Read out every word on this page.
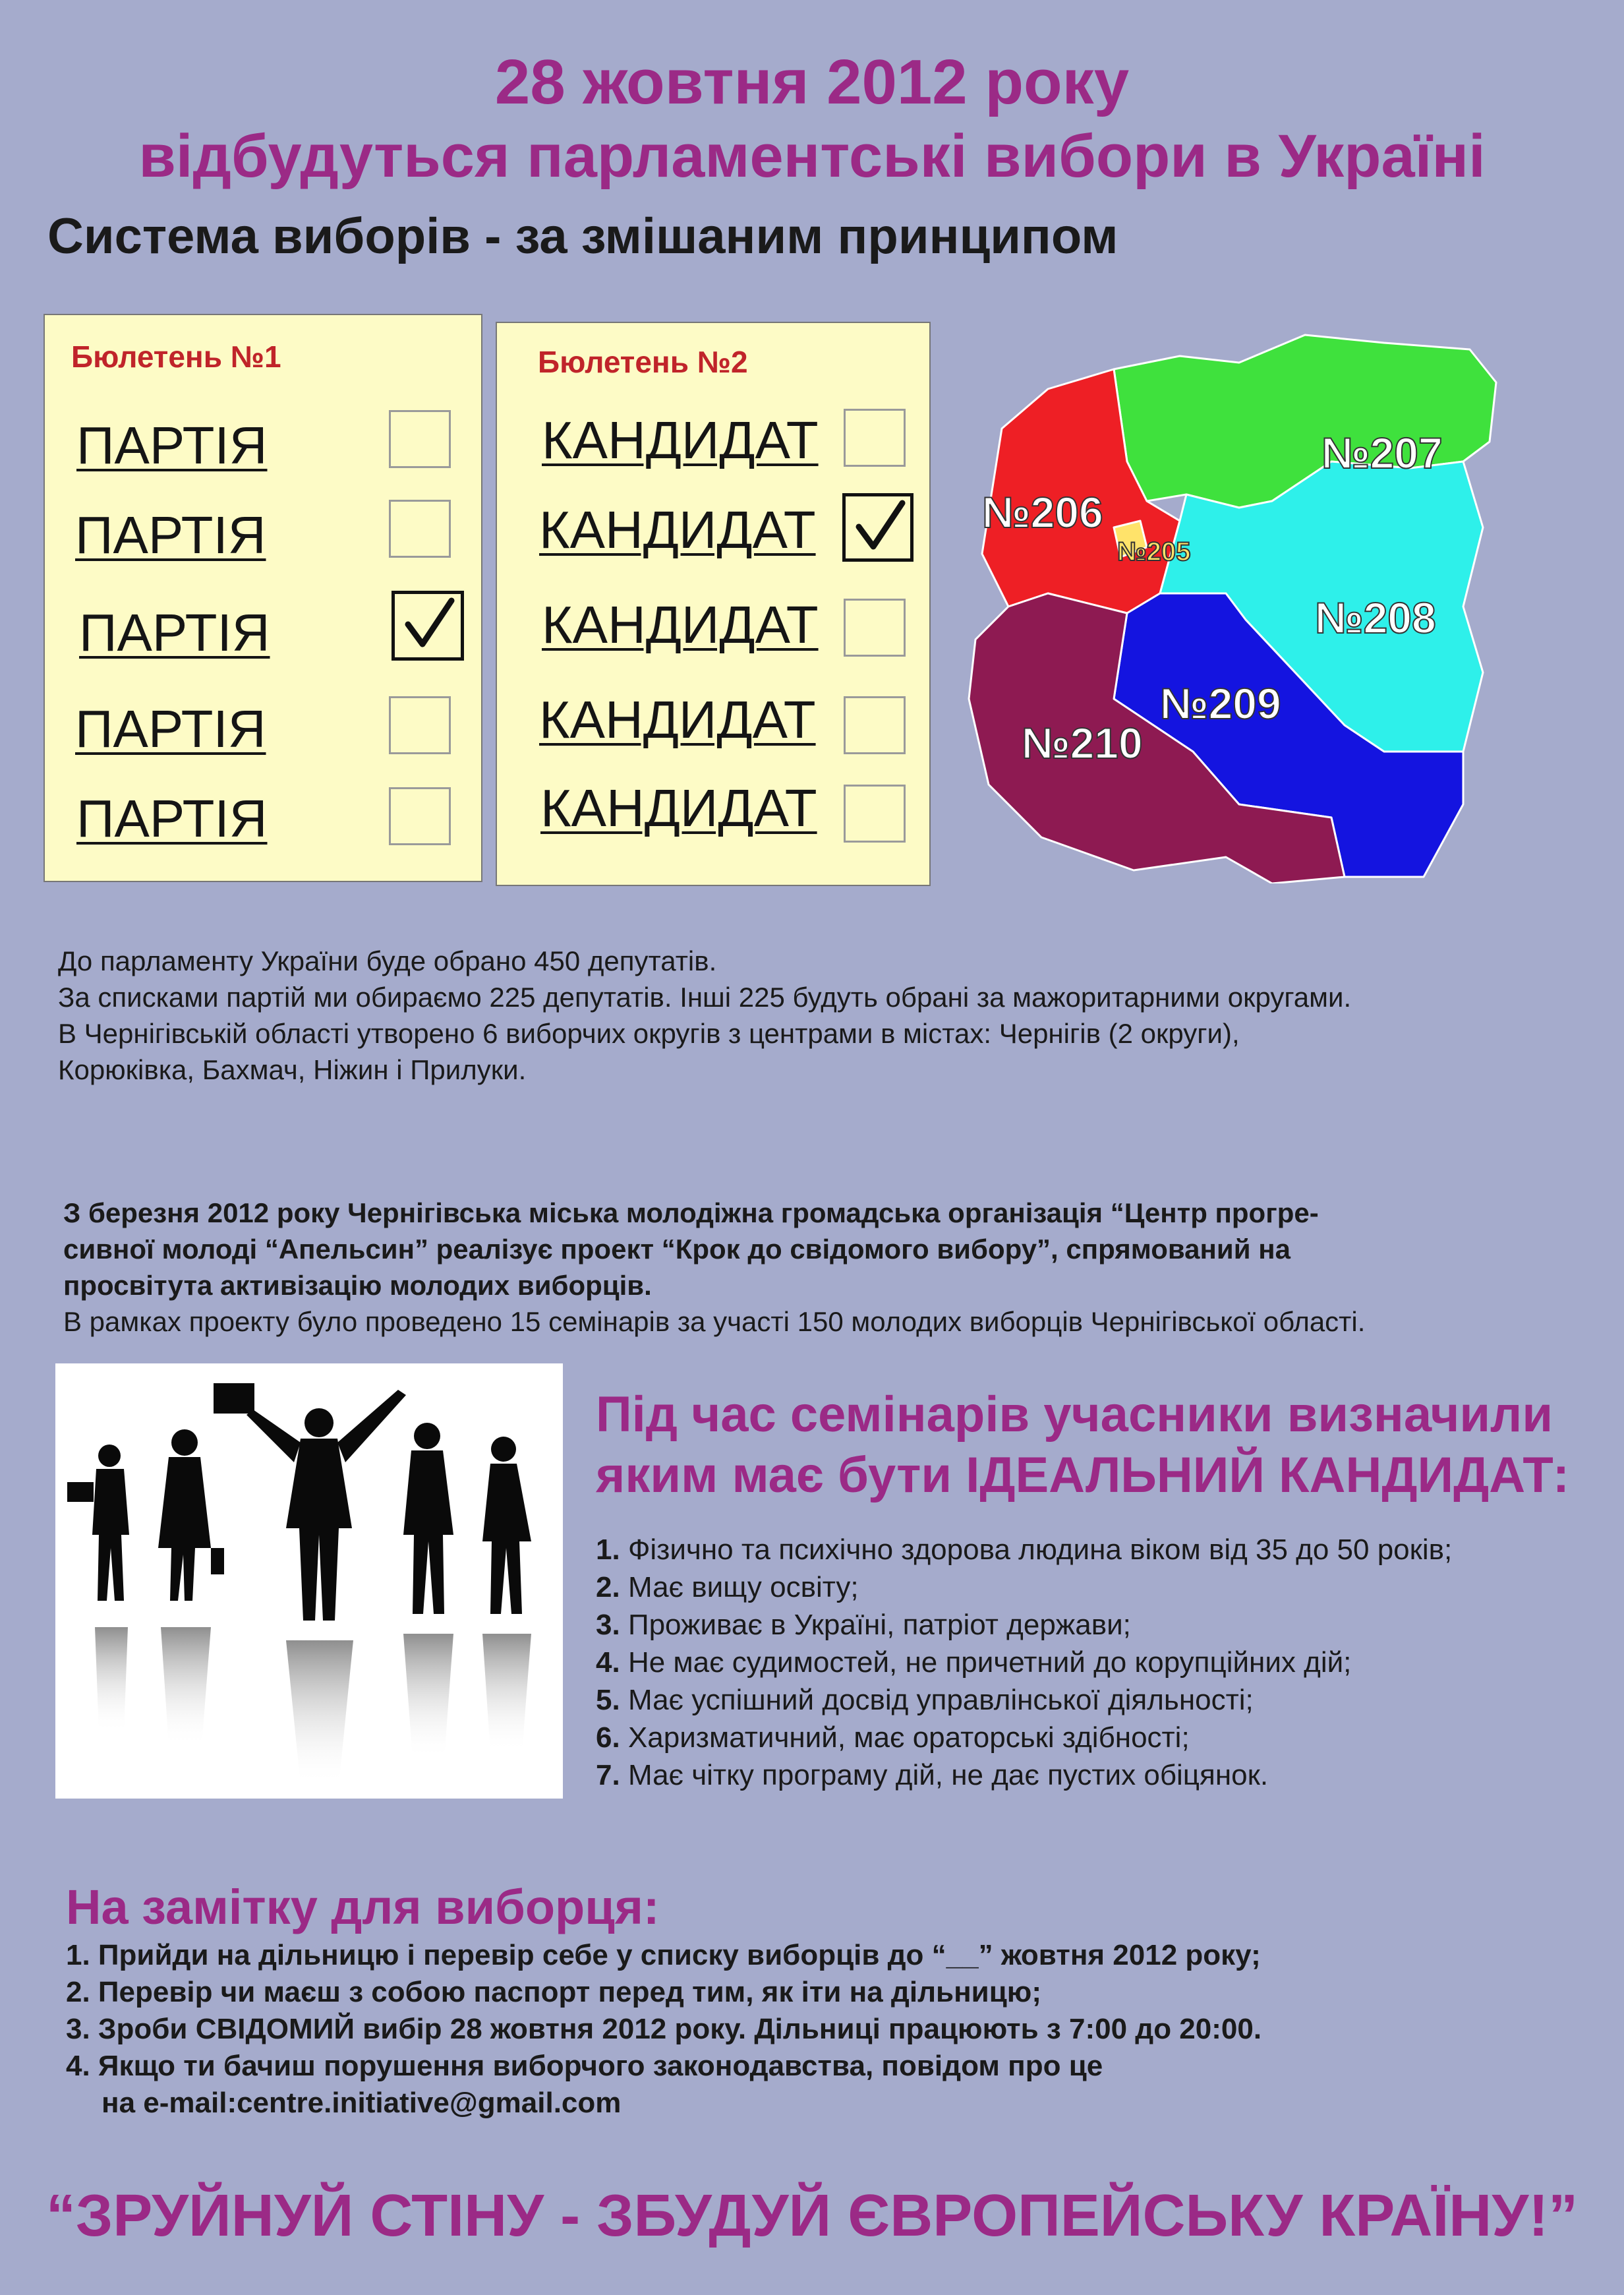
28 жовтня 2012 року
відбудуться парламентські вибори в Україні
Система виборів - за змішаним принципом
Бюлетень №1
ПАРТІЯ
ПАРТІЯ
ПАРТІЯ
ПАРТІЯ
ПАРТІЯ
Бюлетень №2
КАНДИДАТ
КАНДИДАТ
КАНДИДАТ
КАНДИДАТ
КАНДИДАТ
№206
№205
№207
№208
№209
№210
До парламенту України буде обрано 450 депутатів.
За списками партій ми обираємо 225 депутатів. Інші 225 будуть обрані за мажоритарними округами.
В Чернігівській області утворено 6 виборчих округів з центрами в містах: Чернігів (2 округи),
Корюківка, Бахмач, Ніжин і Прилуки.
З березня 2012 року Чернігівська міська молодіжна громадська організація “Центр прогре-
сивної молоді “Апельсин” реалізує проект “Крок до свідомого вибору”, спрямований на
просвітута активізацію молодих виборців.
В рамках проекту було проведено 15 семінарів за участі 150 молодих виборців Чернігівської області.
Під час семінарів учасники визначили
яким має бути ІДЕАЛЬНИЙ КАНДИДАТ:
1. Фізично та психічно здорова людина віком від 35 до 50 років;
2. Має вищу освіту;
3. Проживає в Україні, патріот держави;
4. Не має судимостей, не причетний до корупційних дій;
5. Має успішний досвід управлінської діяльності;
6. Харизматичний, має ораторські здібності;
7. Має чітку програму дій, не дає пустих обіцянок.
На замітку для виборця:
1. Прийди на дільницю і перевір себе у списку виборців до “__” жовтня 2012 року;
2. Перевір чи маєш з собою паспорт перед тим, як іти на дільницю;
3. Зроби СВІДОМИЙ вибір 28 жовтня 2012 року. Дільниці працюють з 7:00 до 20:00.
4. Якщо ти бачиш порушення виборчого законодавства, повідом про це
на e-mail:centre.initiative@gmail.com
“ЗРУЙНУЙ СТІНУ - ЗБУДУЙ ЄВРОПЕЙСЬКУ КРАЇНУ!”
